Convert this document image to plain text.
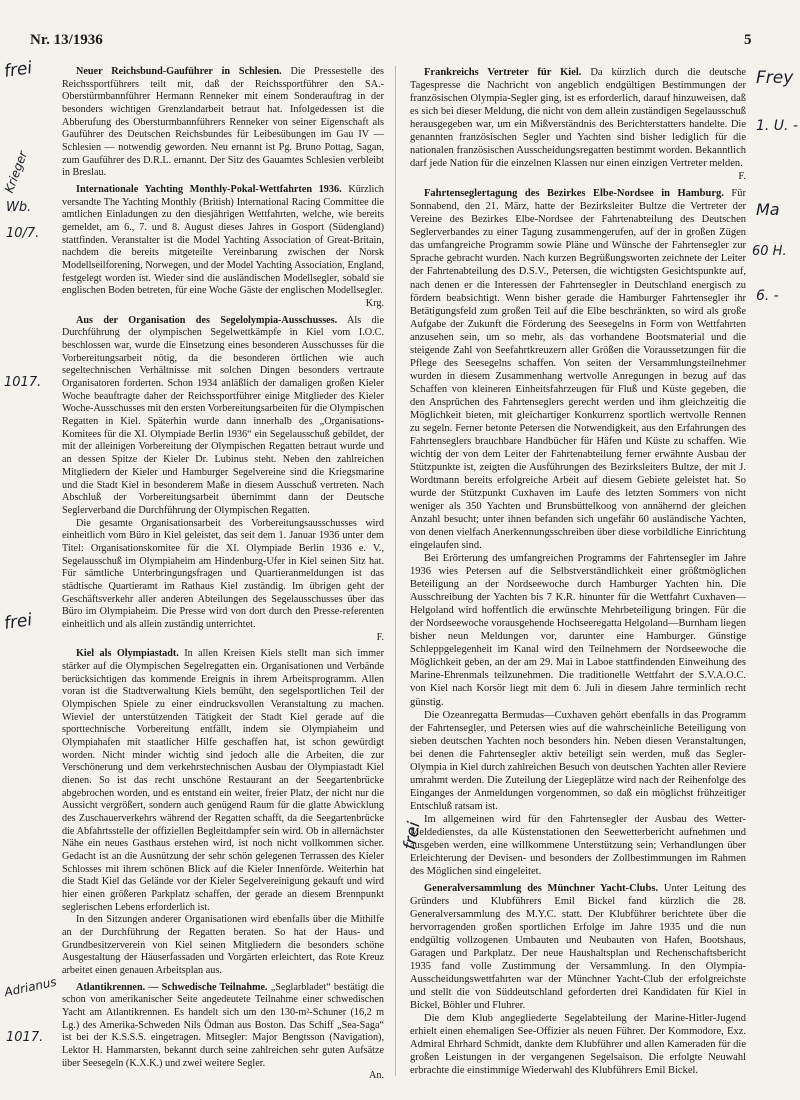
Nr. 13/1936	5
frei
Krieger
Wb.
10/7.
1017.
frei
frei
Adrianus
1017.
Frey
1. U. -
Ma
60 H.
6. -

Neuer Reichsbund-Gauführer in Schlesien. Die Pressestelle des Reichssportführers teilt mit, daß der Reichssportführer den SA.-Oberstürmbannführer Hermann Renneker mit einem Sonderauftrag in der besonders wichtigen Grenzlandarbeit betraut hat. Infolgedessen ist die Abberufung des Obersturmbannführers Renneker von seiner Eigenschaft als Gauführer des Deutschen Reichsbundes für Leibesübungen im Gau IV — Schlesien — notwendig geworden. Neu ernannt ist Pg. Bruno Pottag, Sagan, zum Gauführer des D.R.L. ernannt. Der Sitz des Gauamtes Schlesien verbleibt in Breslau.

Internationale Yachting Monthly-Pokal-Wettfahrten 1936. Kürzlich versandte The Yachting Monthly (British) International Racing Committee die amtlichen Einladungen zu den diesjährigen Wettfahrten, welche, wie bereits gemeldet, am 6., 7. und 8. August dieses Jahres in Gosport (Südengland) stattfinden. Veranstalter ist die Model Yachting Association of Great-Britain, nachdem die bereits mitgeteilte Vereinbarung zwischen der Norsk Modellseilforening, Norwegen, und der Model Yachting Association, England, festgelegt worden ist. Wieder sind die ausländischen Modellsegler, sobald sie englischen Boden betreten, für eine Woche Gäste der englischen Modellsegler.

Krg.

Aus der Organisation des Segelolympia-Ausschusses. Als die Durchführung der olympischen Segelwettkämpfe in Kiel vom I.O.C. beschlossen war, wurde die Einsetzung eines besonderen Ausschusses für die Vorbereitungsarbeit nötig, da die besonderen örtlichen wie auch segeltechnischen Verhältnisse mit solchen Dingen besonders vertraute Organisatoren forderten. Schon 1934 anläßlich der damaligen großen Kieler Woche beauftragte daher der Reichssportführer einige Mitglieder des Kieler Woche-Ausschusses mit den ersten Vorbereitungsarbeiten für die Olympischen Regatten in Kiel. Späterhin wurde dann innerhalb des „Organisations-Komitees für die XI. Olympiade Berlin 1936“ ein Segelausschuß gebildet, der mit der alleinigen Vorbereitung der Olympischen Regatten betraut wurde und an dessen Spitze der Kieler Dr. Lubinus steht. Neben den zahlreichen Mitgliedern der Kieler und Hamburger Segelvereine sind die Kriegsmarine und die Stadt Kiel in besonderem Maße in diesem Ausschuß vertreten. Nach Abschluß der Vorbereitungsarbeit übernimmt dann der Deutsche Seglerverband die Durchführung der Olympischen Regatten.

Die gesamte Organisationsarbeit des Vorbereitungsausschusses wird einheitlich vom Büro in Kiel geleistet, das seit dem 1. Januar 1936 unter dem Titel: Organisationskomitee für die XI. Olympiade Berlin 1936 e. V., Segelausschuß im Olympiaheim am Hindenburg-Ufer in Kiel seinen Sitz hat. Für sämtliche Unterbringungsfragen und Quartieranmeldungen ist das städtische Quartieramt im Rathaus Kiel zuständig. Im übrigen geht der Geschäftsverkehr aller anderen Abteilungen des Segelausschusses über das Büro im Olympiaheim. Die Presse wird von dort durch den Presse-referenten einheitlich und als allein zuständig unterrichtet.

F.

Kiel als Olympiastadt. In allen Kreisen Kiels stellt man sich immer stärker auf die Olympischen Segelregatten ein. Organisationen und Verbände berücksichtigen das kommende Ereignis in ihrem Arbeitsprogramm. Allen voran ist die Stadtverwaltung Kiels bemüht, den segelsportlichen Teil der Olympischen Spiele zu einer eindrucksvollen Veranstaltung zu machen. Wieviel der unterstützenden Tätigkeit der Stadt Kiel gerade auf die sporttechnische Vorbereitung entfällt, indem sie Olympiaheim und Olympiahafen mit staatlicher Hilfe geschaffen hat, ist schon gewürdigt worden. Nicht minder wichtig sind jedoch alle die Arbeiten, die zur Verschönerung und dem verkehrstechnischen Ausbau der Olympiastadt Kiel dienen. So ist das recht unschöne Restaurant an der Seegartenbrücke abgebrochen worden, und es entstand ein weiter, freier Platz, der nicht nur die Aussicht vergrößert, sondern auch genügend Raum für die glatte Abwicklung des Zuschauerverkehrs während der Regatten schafft, da die Seegartenbrücke die Abfahrtsstelle der offiziellen Begleitdampfer sein wird. Ob in allernächster Nähe ein neues Gasthaus erstehen wird, ist noch nicht vollkommen sicher. Gedacht ist an die Ausnützung der sehr schön gelegenen Terrassen des Kieler Schlosses mit ihrem schönen Blick auf die Kieler Innenförde. Weiterhin hat die Stadt Kiel das Gelände vor der Kieler Segelvereinigung gekauft und wird hier einen größeren Parkplatz schaffen, der gerade an diesem Brennpunkt seglerischen Lebens erforderlich ist.

In den Sitzungen anderer Organisationen wird ebenfalls über die Mithilfe an der Durchführung der Regatten beraten. So hat der Haus- und Grundbesitzerverein von Kiel seinen Mitgliedern die besonders schöne Ausgestaltung der Häuserfassaden und Vorgärten erleichtert, das Rote Kreuz arbeitet einen genauen Arbeitsplan aus.

Atlantikrennen. — Schwedische Teilnahme. „Seglarbladet“ bestätigt die schon von amerikanischer Seite angedeutete Teilnahme einer schwedischen Yacht am Atlantikrennen. Es handelt sich um den 130-m²-Schuner (16,2 m Lg.) des Amerika-Schweden Nils Ödman aus Boston. Das Schiff „Sea-Saga“ ist bei der K.S.S.S. eingetragen. Mitsegler: Major Bengtsson (Navigation), Lektor H. Hammarsten, bekannt durch seine zahlreichen sehr guten Aufsätze über Seesegeln (K.X.K.) und zwei weitere Segler.

An.

Frankreichs Vertreter für Kiel. Da kürzlich durch die deutsche Tagespresse die Nachricht von angeblich endgültigen Bestimmungen der französischen Olympia-Segler ging, ist es erforderlich, darauf hinzuweisen, daß es sich bei dieser Meldung, die nicht von dem allein zuständigen Segelausschuß herausgegeben war, um ein Mißverständnis des Berichterstatters handelte. Die genannten französischen Segler und Yachten sind bisher lediglich für die nationalen französischen Ausscheidungsregatten bestimmt worden. Bekanntlich darf jede Nation für die einzelnen Klassen nur einen einzigen Vertreter melden.

F.

Fahrtenseglertagung des Bezirkes Elbe-Nordsee in Hamburg. Für Sonnabend, den 21. März, hatte der Bezirksleiter Bultze die Vertreter der Vereine des Bezirkes Elbe-Nordsee der Fahrtenabteilung des Deutschen Seglerverbandes zu einer Tagung zusammengerufen, auf der in großen Zügen das umfangreiche Programm sowie Pläne und Wünsche der Fahrtensegler zur Sprache gebracht wurden. Nach kurzen Begrüßungsworten zeichnete der Leiter der Fahrtenabteilung des D.S.V., Petersen, die wichtigsten Gesichtspunkte auf, nach denen er die Interessen der Fahrtensegler in Deutschland energisch zu fördern beabsichtigt. Wenn bisher gerade die Hamburger Fahrtensegler ihr Betätigungsfeld zum großen Teil auf die Elbe beschränkten, so wird als große Aufgabe der Zukunft die Förderung des Seesegelns in Form von Wettfahrten anzusehen sein, um so mehr, als das vorhandene Bootsmaterial und die steigende Zahl von Seefahrtkreuzern aller Größen die Voraussetzungen für die Pflege des Seesegelns schaffen. Von seiten der Versammlungsteilnehmer wurden in diesem Zusammenhang wertvolle Anregungen in bezug auf das Schaffen von kleineren Einheitsfahrzeugen für Fluß und Küste gegeben, die den Ansprüchen des Fahrtenseglers gerecht werden und ihm gleichzeitig die Möglichkeit bieten, mit gleichartiger Konkurrenz sportlich wertvolle Rennen zu segeln. Ferner betonte Petersen die Notwendigkeit, aus den Erfahrungen des Fahrtenseglers brauchbare Handbücher für Häfen und Küste zu schaffen. Wie wichtig der von dem Leiter der Fahrtenabteilung ferner erwähnte Ausbau der Stützpunkte ist, zeigten die Ausführungen des Bezirksleiters Bultze, der mit J. Wordtmann bereits erfolgreiche Arbeit auf diesem Gebiete geleistet hat. So wurde der Stützpunkt Cuxhaven im Laufe des letzten Sommers von nicht weniger als 350 Yachten und Brunsbüttelkoog von annähernd der gleichen Anzahl besucht; unter ihnen befanden sich ungefähr 60 ausländische Yachten, von denen vielfach Anerkennungsschreiben über diese vorbildliche Einrichtung eingelaufen sind.

Bei Erörterung des umfangreichen Programms der Fahrtensegler im Jahre 1936 wies Petersen auf die Selbstverständlichkeit einer größtmöglichen Beteiligung an der Nordseewoche durch Hamburger Yachten hin. Die Ausschreibung der Yachten bis 7 K.R. hinunter für die Wettfahrt Cuxhaven—Helgoland wird hoffentlich die erwünschte Mehrbeteiligung bringen. Für die der Nordseewoche vorausgehende Hochseeregatta Helgoland—Burnham liegen bisher neun Meldungen vor, darunter eine Hamburger. Günstige Schleppgelegenheit im Kanal wird den Teilnehmern der Nordseewoche die Möglichkeit geben, an der am 29. Mai in Laboe stattfindenden Einweihung des Marine-Ehrenmals teilzunehmen. Die traditionelle Wettfahrt der S.V.A.O.C. von Kiel nach Korsör liegt mit dem 6. Juli in diesem Jahre terminlich recht günstig.

Die Ozeanregatta Bermudas—Cuxhaven gehört ebenfalls in das Programm der Fahrtensegler, und Petersen wies auf die wahrscheinliche Beteiligung von sieben deutschen Yachten noch besonders hin. Neben diesen Veranstaltungen, bei denen die Fahrtensegler aktiv beteiligt sein werden, muß das Segler-Olympia in Kiel durch zahlreichen Besuch von deutschen Yachten aller Reviere umrahmt werden. Die Zuteilung der Liegeplätze wird nach der Reihenfolge des Einganges der Anmeldungen vorgenommen, so daß ein möglichst frühzeitiger Entschluß ratsam ist.

Im allgemeinen wird für den Fahrtensegler der Ausbau des Wetter-Meldedienstes, da alle Küstenstationen den Seewetterbericht aufnehmen und ausgeben werden, eine willkommene Unterstützung sein; Verhandlungen über Erleichterung der Devisen- und besonders der Zollbestimmungen im Rahmen des Möglichen sind eingeleitet.

Generalversammlung des Münchner Yacht-Clubs. Unter Leitung des Gründers und Klubführers Emil Bickel fand kürzlich die 28. Generalversammlung des M.Y.C. statt. Der Klubführer berichtete über die hervorragenden großen sportlichen Erfolge im Jahre 1935 und die nun endgültig vollzogenen Umbauten und Neubauten von Hafen, Bootshaus, Garagen und Parkplatz. Der neue Haushaltsplan und Rechenschaftsbericht 1935 fand volle Zustimmung der Versammlung. In den Olympia-Ausscheidungswettfahrten war der Münchner Yacht-Club der erfolgreichste und stellt die von Süddeutschland geforderten drei Kandidaten für Kiel in Bickel, Böhler und Fluhrer.

Die dem Klub angegliederte Segelabteilung der Marine-Hitler-Jugend erhielt einen ehemaligen See-Offizier als neuen Führer. Der Kommodore, Exz. Admiral Ehrhard Schmidt, dankte dem Klubführer und allen Kameraden für die großen Leistungen in der vergangenen Segelsaison. Die erfolgte Neuwahl erbrachte die einstimmige Wiederwahl des Klubführers Emil Bickel.
